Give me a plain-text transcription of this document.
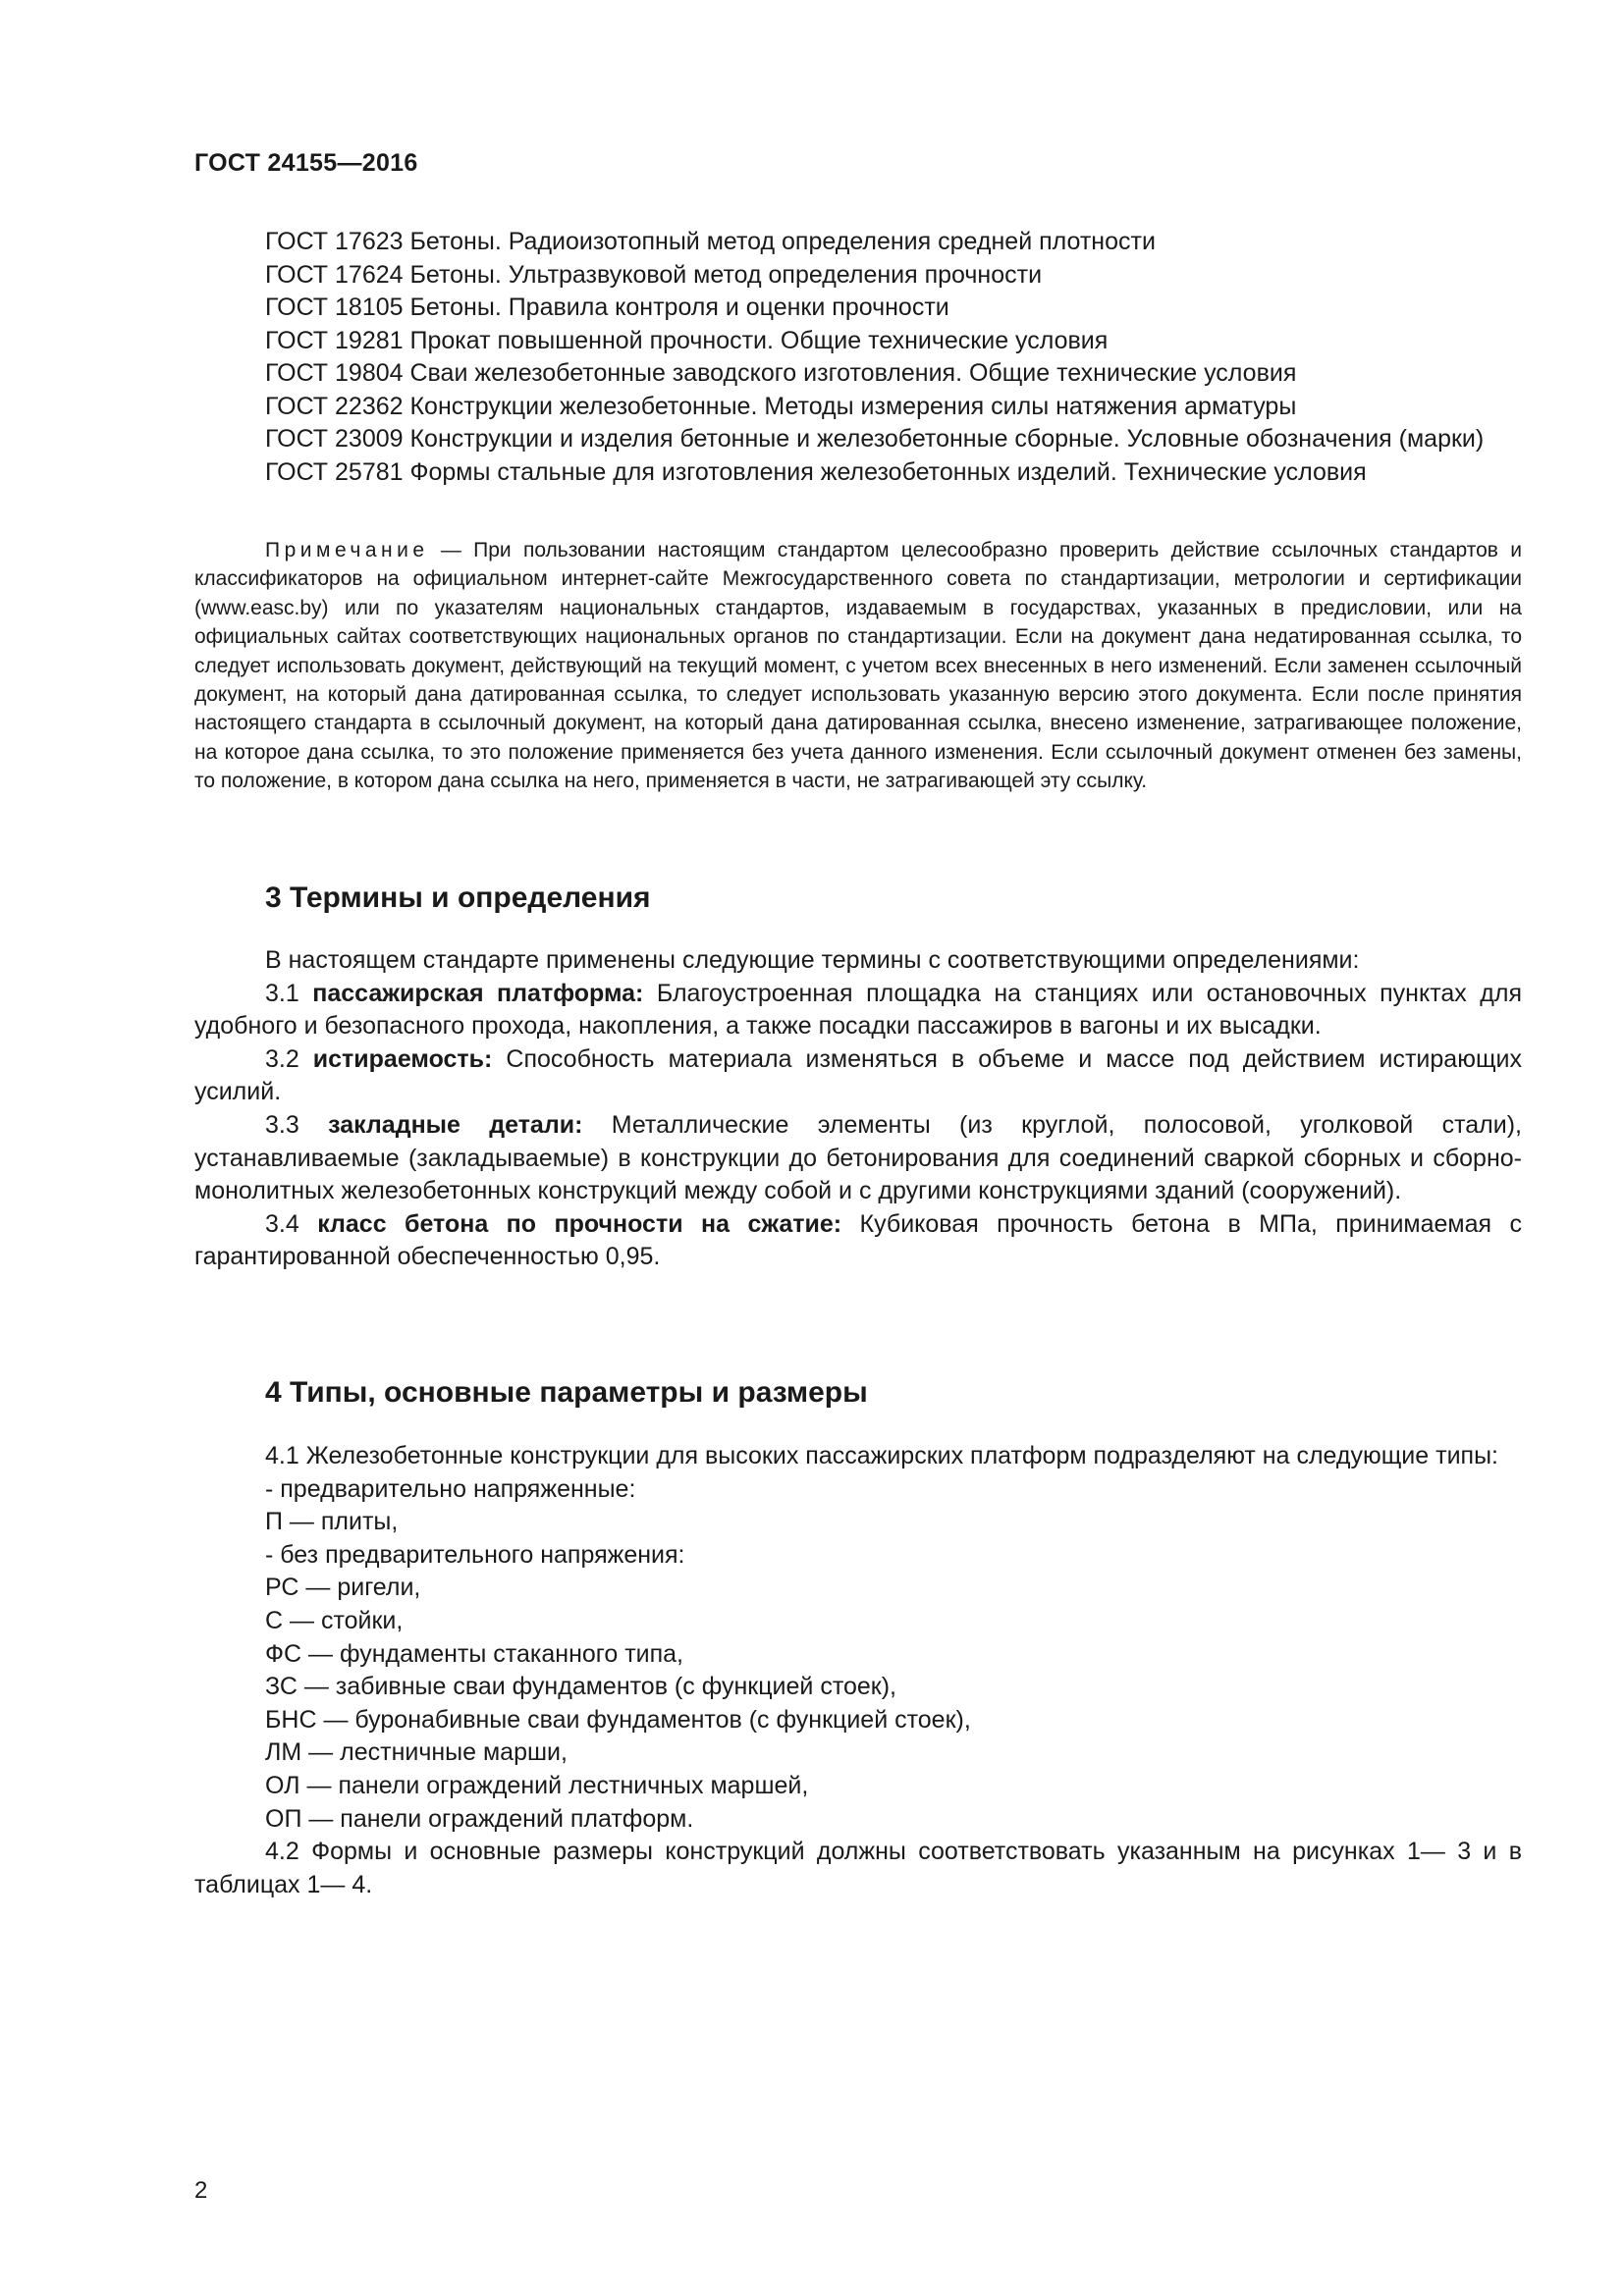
ГОСТ 24155—2016

ГОСТ 17623 Бетоны. Радиоизотопный метод определения средней плотности

ГОСТ 17624 Бетоны. Ультразвуковой метод определения прочности

ГОСТ 18105 Бетоны. Правила контроля и оценки прочности

ГОСТ 19281 Прокат повышенной прочности. Общие технические условия

ГОСТ 19804 Сваи железобетонные заводского изготовления. Общие технические условия

ГОСТ 22362 Конструкции железобетонные. Методы измерения силы натяжения арматуры

ГОСТ 23009 Конструкции и изделия бетонные и железобетонные сборные. Условные обозначения (марки)

ГОСТ 25781 Формы стальные для изготовления железобетонных изделий. Технические условия

Примечание — При пользовании настоящим стандартом целесообразно проверить действие ссылочных стандартов и классификаторов на официальном интернет-сайте Межгосударственного совета по стандартизации, метрологии и сертификации (www.easc.by) или по указателям национальных стандартов, издаваемым в государствах, указанных в предисловии, или на официальных сайтах соответствующих национальных органов по стандартизации. Если на документ дана недатированная ссылка, то следует использовать документ, действующий на текущий момент, с учетом всех внесенных в него изменений. Если заменен ссылочный документ, на который дана датированная ссылка, то следует использовать указанную версию этого документа. Если после принятия настоящего стандарта в ссылочный документ, на который дана датированная ссылка, внесено изменение, затрагивающее положение, на которое дана ссылка, то это положение применяется без учета данного изменения. Если ссылочный документ отменен без замены, то положение, в котором дана ссылка на него, применяется в части, не затрагивающей эту ссылку.

3 Термины и определения

В настоящем стандарте применены следующие термины с соответствующими определениями:

3.1 пассажирская платформа: Благоустроенная площадка на станциях или остановочных пунктах для удобного и безопасного прохода, накопления, а также посадки пассажиров в вагоны и их высадки.

3.2 истираемость: Способность материала изменяться в объеме и массе под действием истирающих усилий.

3.3 закладные детали: Металлические элементы (из круглой, полосовой, уголковой стали), устанавливаемые (закладываемые) в конструкции до бетонирования для соединений сваркой сборных и сборно-монолитных железобетонных конструкций между собой и с другими конструкциями зданий (сооружений).

3.4 класс бетона по прочности на сжатие: Кубиковая прочность бетона в МПа, принимаемая с гарантированной обеспеченностью 0,95.

4 Типы, основные параметры и размеры

4.1 Железобетонные конструкции для высоких пассажирских платформ подразделяют на следующие типы:

- предварительно напряженные:

П — плиты,

- без предварительного напряжения:

РС — ригели,

С — стойки,

ФС — фундаменты стаканного типа,

ЗС — забивные сваи фундаментов (с функцией стоек),

БНС — буронабивные сваи фундаментов (с функцией стоек),

ЛМ — лестничные марши,

ОЛ — панели ограждений лестничных маршей,

ОП — панели ограждений платформ.

4.2 Формы и основные размеры конструкций должны соответствовать указанным на рисунках 1— 3 и в таблицах 1— 4.

2
